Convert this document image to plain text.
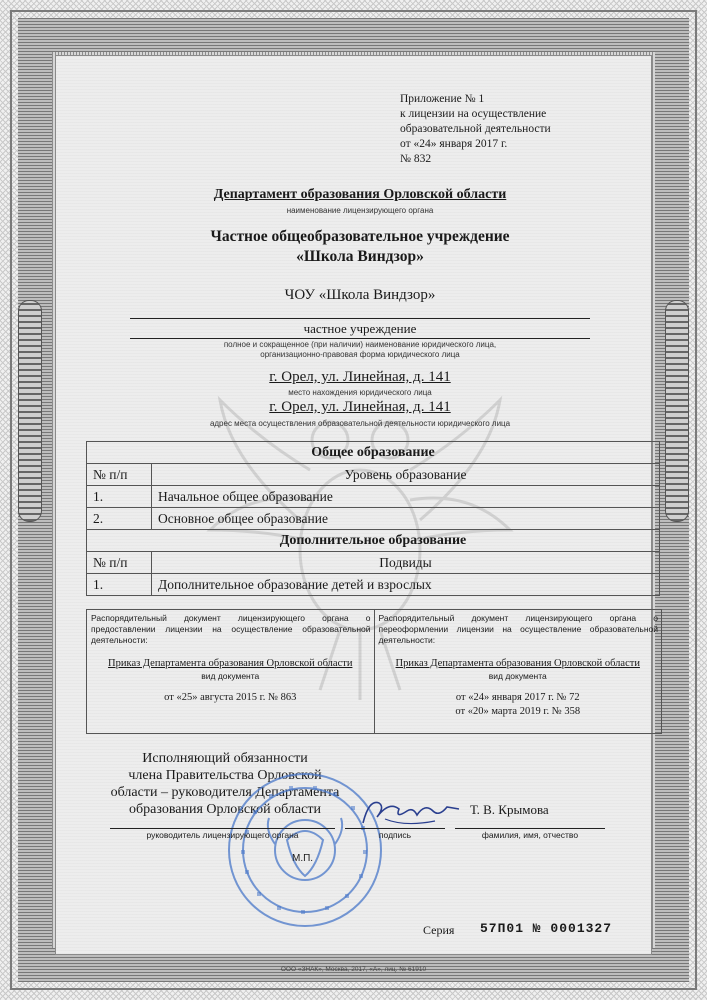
Приложение № 1
к лицензии на осуществление
образовательной деятельности
от «24» января 2017 г.
№ 832
Департамент образования Орловской области
наименование лицензирующего органа
Частное общеобразовательное учреждение
«Школа Виндзор»
ЧОУ «Школа Виндзор»
частное учреждение
полное и сокращенное (при наличии) наименование юридического лица,
организационно-правовая форма юридического лица
г. Орел, ул. Линейная, д. 141
место нахождения юридического лица
г. Орел, ул. Линейная, д. 141
адрес места осуществления образовательной деятельности юридического лица
Общее образование	
№ п/п	Уровень образование
1.	Начальное общее образование
2.	Основное общее образование
Дополнительное образование	
№ п/п	Подвиды
1.	Дополнительное образование детей и взрослых
Распорядительный документ лицензирующего органа о предоставлении лицензии на осуществление образовательной деятельности:
Приказ Департамента образования Орловской области
вид документа
от «25» августа 2015 г. № 863
Распорядительный документ лицензирующего органа о переоформлении лицензии на осуществление образовательной деятельности:
Приказ Департамента образования Орловской области
вид документа
от «24» января 2017 г. № 72
от «20» марта 2019 г. № 358
Исполняющий обязанности
члена Правительства Орловской
области – руководителя Департамента
образования Орловской области	Т. В. Крымова
руководитель лицензирующего органа	подпись	фамилия, имя, отчество
М.П.
Серия 57П01 № 0001327
ООО «ЗНАК», Москва, 2017, «А», лиц. № 61910
